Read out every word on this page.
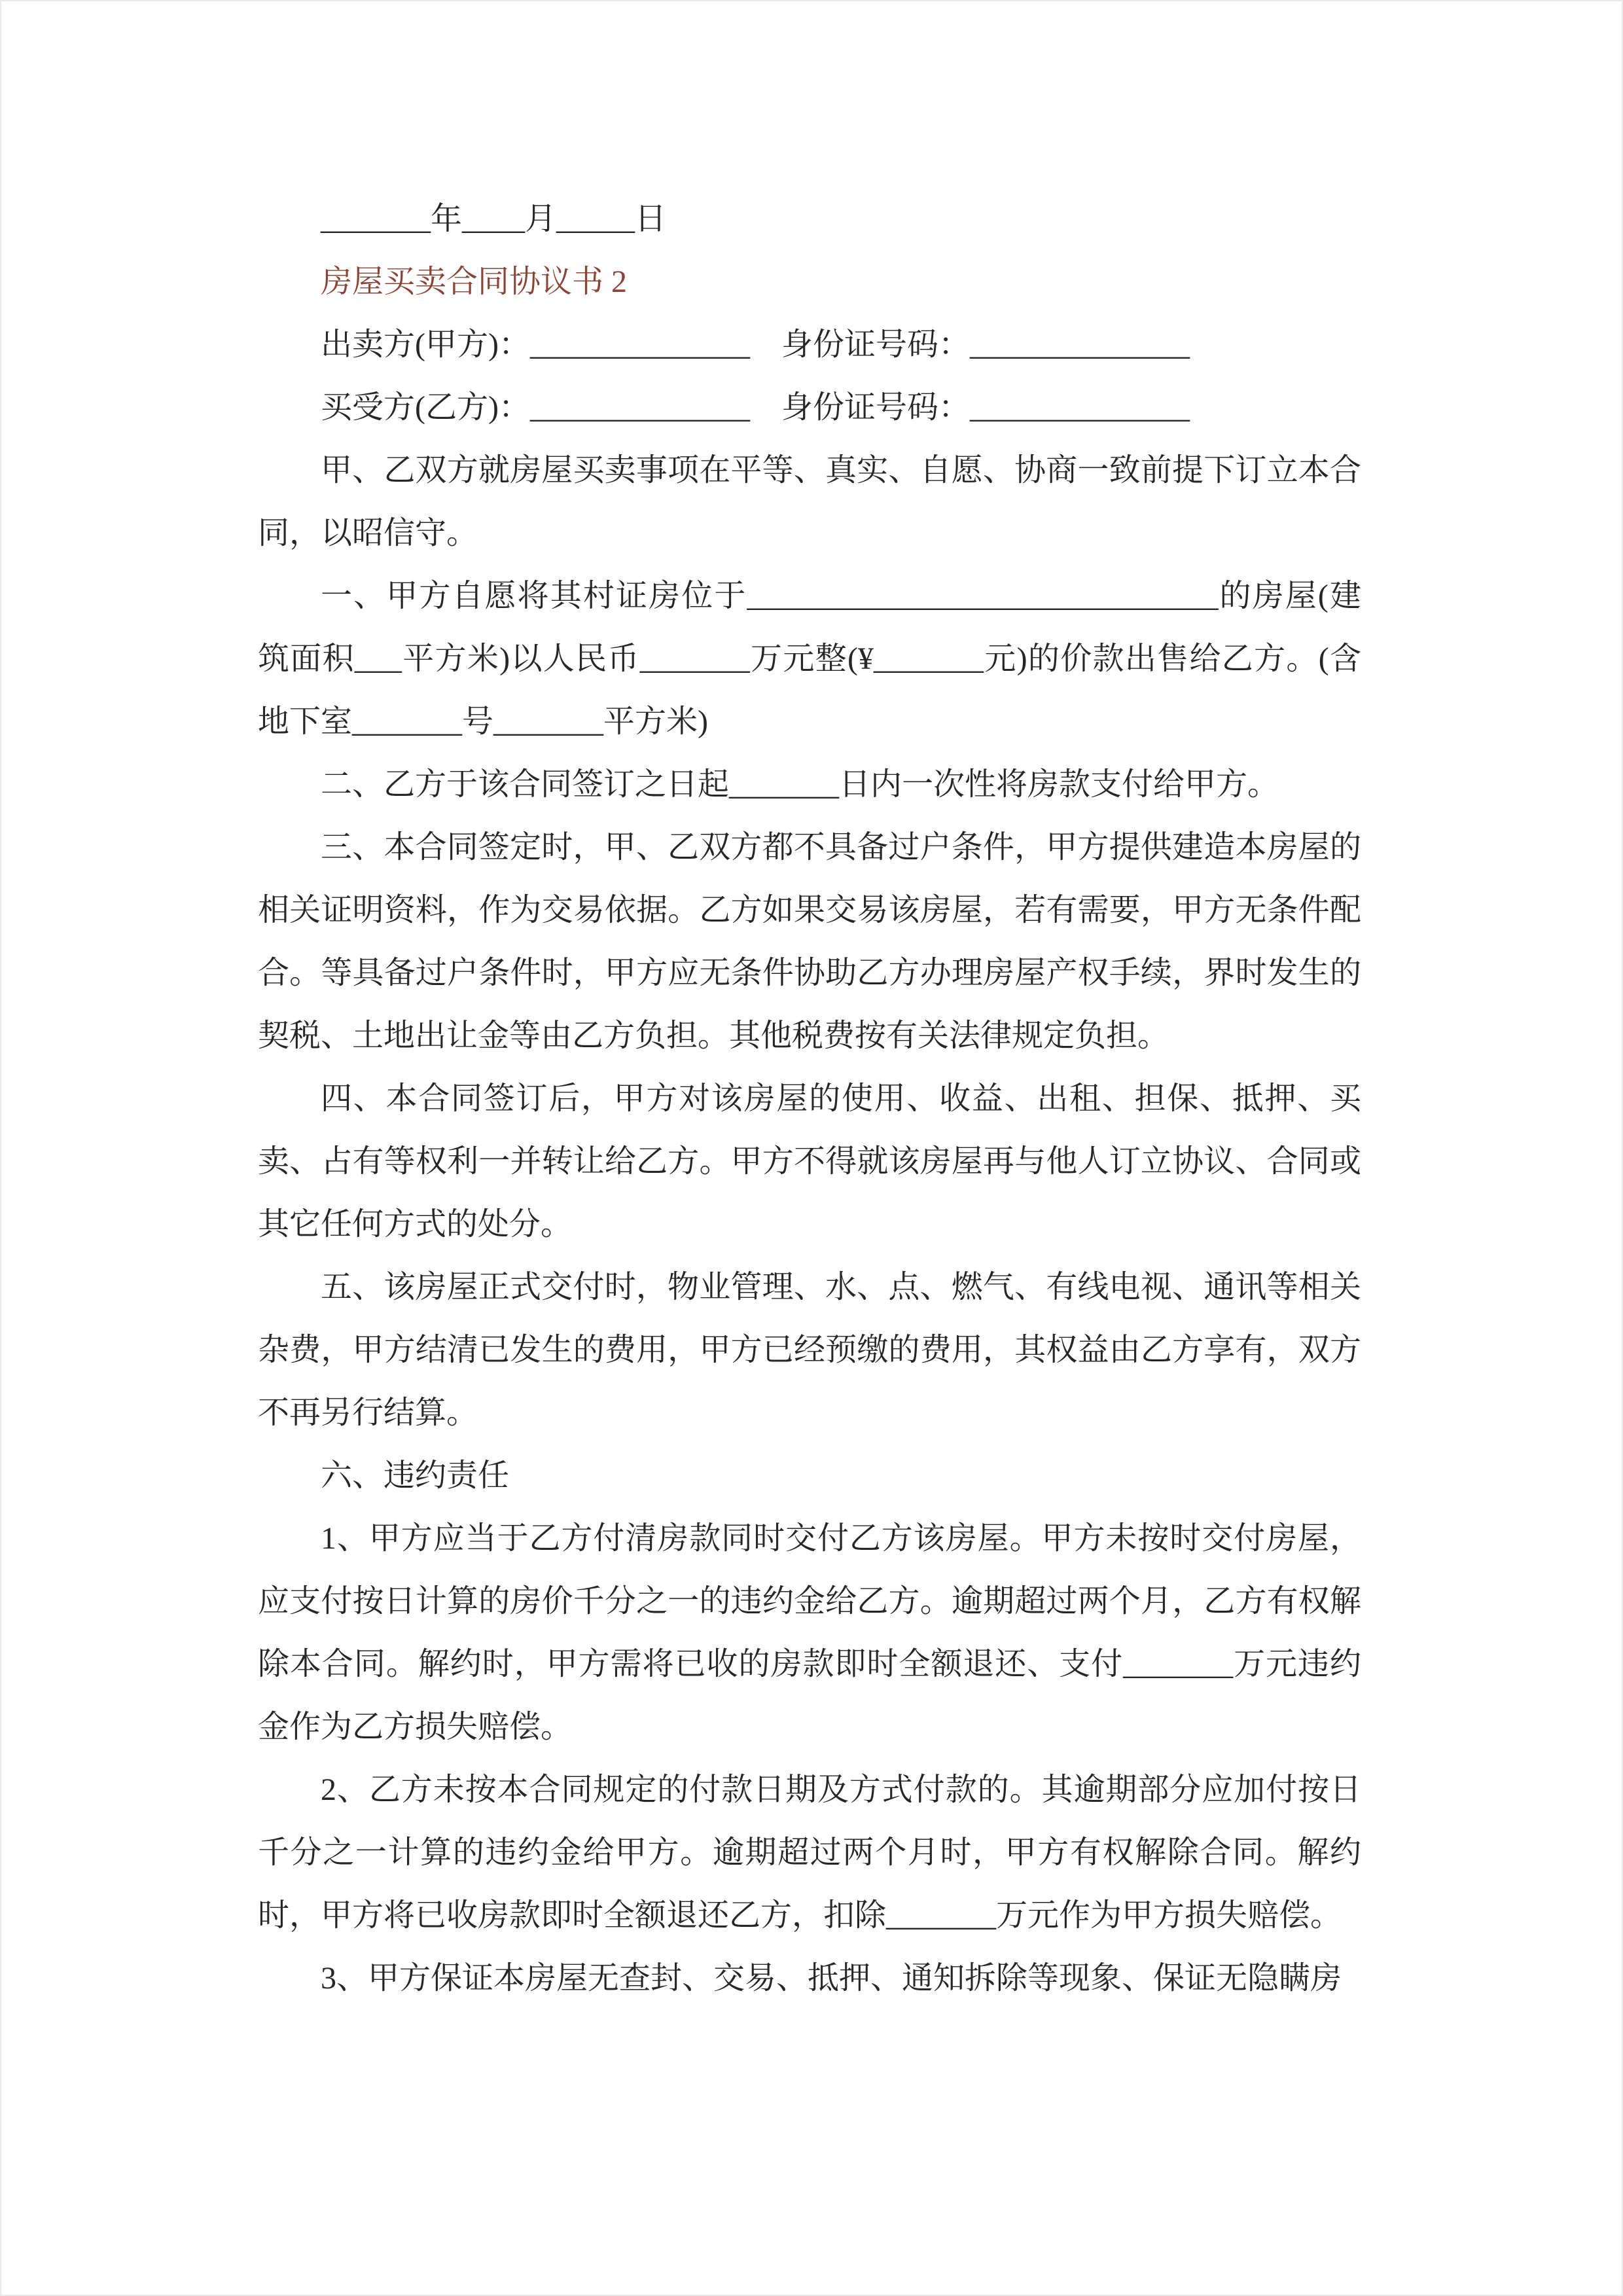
_______年____月_____日

房屋买卖合同协议书 2

出卖方(甲方)：______________　身份证号码：______________

买受方(乙方)：______________　身份证号码：______________

甲、乙双方就房屋买卖事项在平等、真实、自愿、协商一致前提下订立本合同，以昭信守。

一、甲方自愿将其村证房位于______________________________的房屋(建筑面积___平方米)以人民币_______万元整(¥_______元)的价款出售给乙方。(含地下室_______号_______平方米)

二、乙方于该合同签订之日起_______日内一次性将房款支付给甲方。

三、本合同签定时，甲、乙双方都不具备过户条件，甲方提供建造本房屋的相关证明资料，作为交易依据。乙方如果交易该房屋，若有需要，甲方无条件配合。等具备过户条件时，甲方应无条件协助乙方办理房屋产权手续，界时发生的契税、土地出让金等由乙方负担。其他税费按有关法律规定负担。

四、本合同签订后，甲方对该房屋的使用、收益、出租、担保、抵押、买卖、占有等权利一并转让给乙方。甲方不得就该房屋再与他人订立协议、合同或其它任何方式的处分。

五、该房屋正式交付时，物业管理、水、点、燃气、有线电视、通讯等相关杂费，甲方结清已发生的费用，甲方已经预缴的费用，其权益由乙方享有，双方不再另行结算。

六、违约责任

1、甲方应当于乙方付清房款同时交付乙方该房屋。甲方未按时交付房屋，应支付按日计算的房价千分之一的违约金给乙方。逾期超过两个月，乙方有权解除本合同。解约时，甲方需将已收的房款即时全额退还、支付_______万元违约金作为乙方损失赔偿。

2、乙方未按本合同规定的付款日期及方式付款的。其逾期部分应加付按日千分之一计算的违约金给甲方。逾期超过两个月时，甲方有权解除合同。解约时，甲方将已收房款即时全额退还乙方，扣除_______万元作为甲方损失赔偿。

3、甲方保证本房屋无查封、交易、抵押、通知拆除等现象、保证无隐瞒房
